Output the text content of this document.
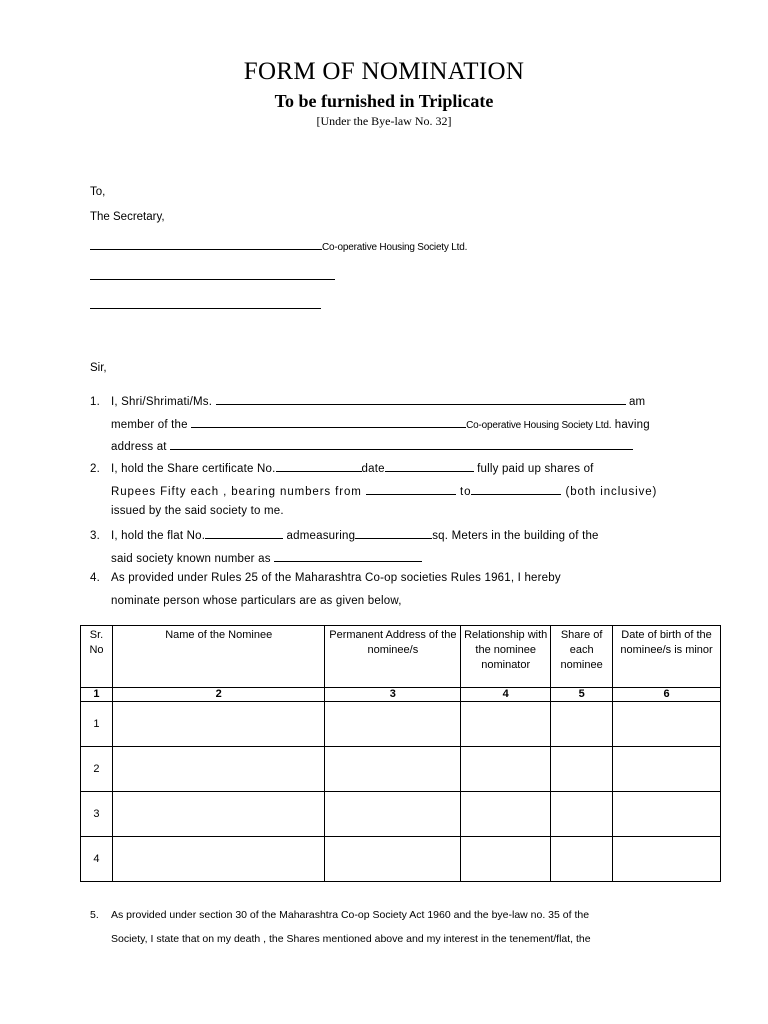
FORM OF NOMINATION
To be furnished in Triplicate
[Under the Bye-law No. 32]
To,
The Secretary,
Co-operative Housing Society Ltd.
Sir,
1. I, Shri/Shrimati/Ms.	am
member of the	Co-operative Housing Society Ltd. having
address at
2. I, hold the Share certificate No.	date	fully paid up shares of
Rupees Fifty each , bearing numbers from	to	(both inclusive)
issued by the said society to me.
3. I, hold the flat No.	admeasuring	sq. Meters in the building of the
said society known number as
4. As provided under Rules 25 of the Maharashtra Co-op societies Rules 1961, I hereby
nominate person whose particulars are as given below,
Sr. No	Name of the Nominee	Permanent Address of the nominee/s	Relationship with the nominee nominator	Share of each nominee	Date of birth of the nominee/s is minor
1	2	3	4	5	6
1					
2					
3					
4					
5. As provided under section 30 of the Maharashtra Co-op Society Act 1960 and the bye-law no. 35 of the
Society, I state that on my death , the Shares mentioned above and my interest in the tenement/flat, the
